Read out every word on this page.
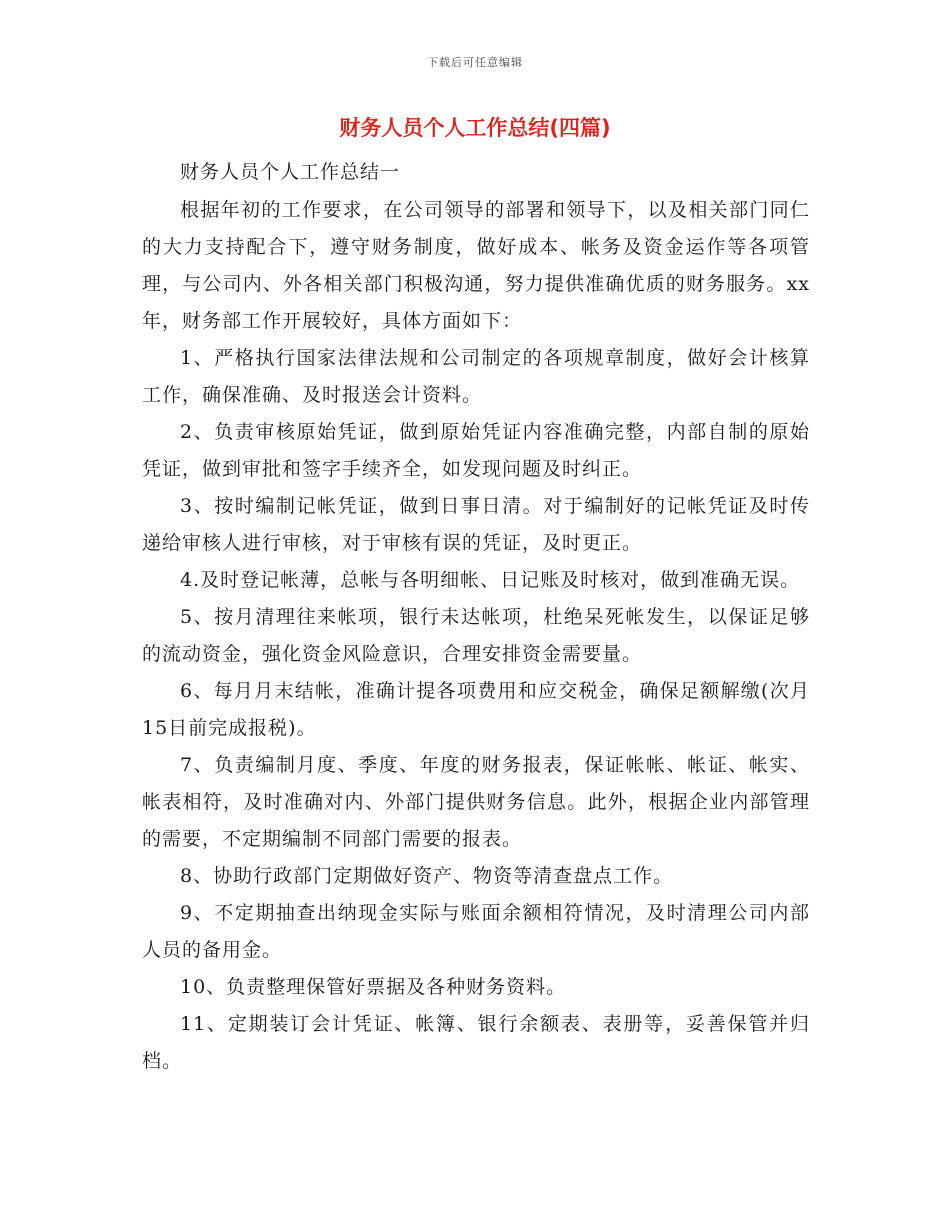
下载后可任意编辑
财务人员个人工作总结(四篇)

财务人员个人工作总结一

根据年初的工作要求，在公司领导的部署和领导下，以及相关部门同仁的大力支持配合下，遵守财务制度，做好成本、帐务及资金运作等各项管理，与公司内、外各相关部门积极沟通，努力提供准确优质的财务服务。xx年，财务部工作开展较好，具体方面如下：

1、严格执行国家法律法规和公司制定的各项规章制度，做好会计核算工作，确保准确、及时报送会计资料。

2、负责审核原始凭证，做到原始凭证内容准确完整，内部自制的原始凭证，做到审批和签字手续齐全，如发现问题及时纠正。

3、按时编制记帐凭证，做到日事日清。对于编制好的记帐凭证及时传递给审核人进行审核，对于审核有误的凭证，及时更正。

4.及时登记帐薄，总帐与各明细帐、日记账及时核对，做到准确无误。

5、按月清理往来帐项，银行未达帐项，杜绝呆死帐发生，以保证足够的流动资金，强化资金风险意识，合理安排资金需要量。

6、每月月末结帐，准确计提各项费用和应交税金，确保足额解缴(次月15日前完成报税)。

7、负责编制月度、季度、年度的财务报表，保证帐帐、帐证、帐实、帐表相符，及时准确对内、外部门提供财务信息。此外，根据企业内部管理的需要，不定期编制不同部门需要的报表。

8、协助行政部门定期做好资产、物资等清查盘点工作。

9、不定期抽查出纳现金实际与账面余额相符情况，及时清理公司内部人员的备用金。

10、负责整理保管好票据及各种财务资料。

11、定期装订会计凭证、帐簿、银行余额表、表册等，妥善保管并归档。
